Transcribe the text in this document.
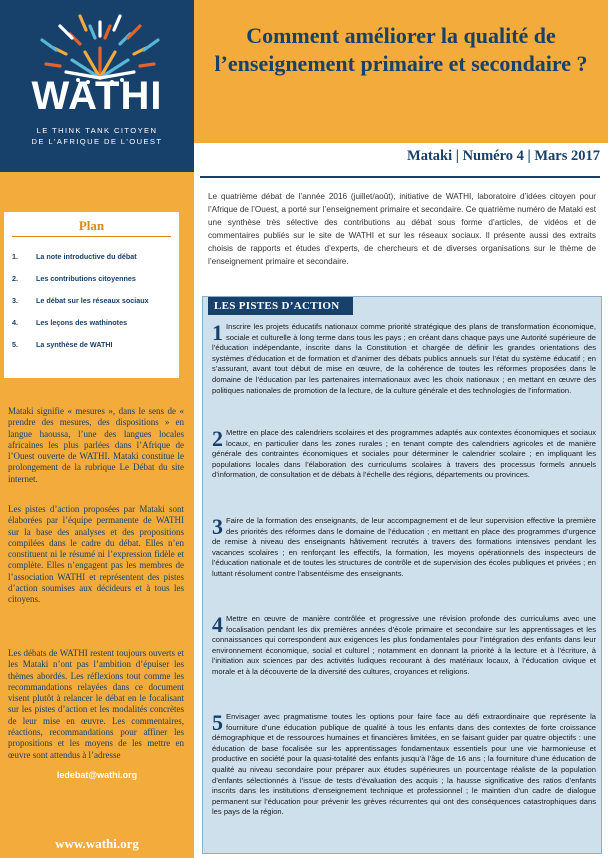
WATHI
LE THINK TANK CITOYEN
DE L'AFRIQUE DE L'OUEST
Plan
1.	La note introductive du débat
2.	Les contributions citoyennes
3.	Le débat sur les réseaux sociaux
4.	Les leçons des wathinotes
5.	La synthèse de WATHI
Mataki signifie « mesures », dans le sens de « prendre des mesures, des dispositions » en langue haoussa, l’une des langues locales africaines les plus parlées dans l’Afrique de l’Ouest ouverte de WATHI. Mataki constitue le prolongement de la rubrique Le Débat du site internet.
Les pistes d’action proposées par Mataki sont élaborées par l’équipe permanente de WATHI sur la base des analyses et des propositions compilées dans le cadre du débat. Elles n’en constituent ni le résumé ni l’expression fidèle et complète. Elles n’engagent pas les membres de l’association WATHI et représentent des pistes d’action soumises aux décideurs et à tous les citoyens.
Les débats de WATHI restent toujours ouverts et les Mataki n’ont pas l’ambition d’épuiser les thèmes abordés. Les réflexions tout comme les recommandations relayées dans ce document visent plutôt à relancer le débat en le focalisant sur les pistes d’action et les modalités concrètes de leur mise en œuvre. Les commentaires, réactions, recommandations pour affiner les propositions et les moyens de les mettre en œuvre sont attendus à l’adresse
ledebat@wathi.org
www.wathi.org
Comment améliorer la qualité de l’enseignement primaire et secondaire ?
Mataki | Numéro 4 | Mars 2017
Le quatrième débat de l’année 2016 (juillet/août), initiative de WATHI, laboratoire d’idées citoyen pour l’Afrique de l’Ouest, a porté sur l’enseignement primaire et secondaire. Ce quatrième numéro de Mataki est une synthèse très sélective des contributions au débat sous forme d’articles, de vidéos et de commentaires publiés sur le site de WATHI et sur les réseaux sociaux. Il présente aussi des extraits choisis de rapports et études d’experts, de chercheurs et de diverses organisations sur le thème de l’enseignement primaire et secondaire.
LES PISTES D’ACTION
1 Inscrire les projets éducatifs nationaux comme priorité stratégique des plans de transformation économique, sociale et culturelle à long terme dans tous les pays ; en créant dans chaque pays une Autorité supérieure de l’éducation indépendante, inscrite dans la Constitution et chargée de définir les grandes orientations des systèmes d’éducation et de formation et d’animer des débats publics annuels sur l’état du système éducatif ; en s’assurant, avant tout début de mise en œuvre, de la cohérence de toutes les réformes proposées dans le domaine de l’éducation par les partenaires internationaux avec les choix nationaux ; en mettant en œuvre des politiques nationales de promotion de la lecture, de la culture générale et des technologies de l’information.
2 Mettre en place des calendriers scolaires et des programmes adaptés aux contextes économiques et sociaux locaux, en particulier dans les zones rurales ; en tenant compte des calendriers agricoles et de manière générale des contraintes économiques et sociales pour déterminer le calendrier scolaire ; en impliquant les populations locales dans l’élaboration des curriculums scolaires à travers des processus formels annuels d’information, de consultation et de débats à l’échelle des régions, départements ou provinces.
3 Faire de la formation des enseignants, de leur accompagnement et de leur supervision effective la première des priorités des réformes dans le domaine de l’éducation ; en mettant en place des programmes d’urgence de remise à niveau des enseignants hâtivement recrutés à travers des formations intensives pendant les vacances scolaires ; en renforçant les effectifs, la formation, les moyens opérationnels des inspecteurs de l’éducation nationale et de toutes les structures de contrôle et de supervision des écoles publiques et privées ; en luttant résolument contre l’absentéisme des enseignants.
4 Mettre en œuvre de manière contrôlée et progressive une révision profonde des curriculums avec une focalisation pendant les dix premières années d’école primaire et secondaire sur les apprentissages et les connaissances qui correspondent aux exigences les plus fondamentales pour l’intégration des enfants dans leur environnement économique, social et culturel ; notamment en donnant la priorité à la lecture et à l’écriture, à l’initiation aux sciences par des activités ludiques recourant à des matériaux locaux, à l’éducation civique et morale et à la découverte de la diversité des cultures, croyances et religions.
5 Envisager avec pragmatisme toutes les options pour faire face au défi extraordinaire que représente la fourniture d’une éducation publique de qualité à tous les enfants dans des contextes de forte croissance démographique et de ressources humaines et financières limitées, en se faisant guider par quatre objectifs : une éducation de base focalisée sur les apprentissages fondamentaux essentiels pour une vie harmonieuse et productive en société pour la quasi-totalité des enfants jusqu’à l’âge de 16 ans ; la fourniture d’une éducation de qualité au niveau secondaire pour préparer aux études supérieures un pourcentage réaliste de la population d’enfants sélectionnés à l’issue de tests d’évaluation des acquis ; la hausse significative des ratios d’enfants inscrits dans les institutions d’enseignement technique et professionnel ; le maintien d’un cadre de dialogue permanent sur l’éducation pour prévenir les grèves récurrentes qui ont des conséquences catastrophiques dans les pays de la région.
